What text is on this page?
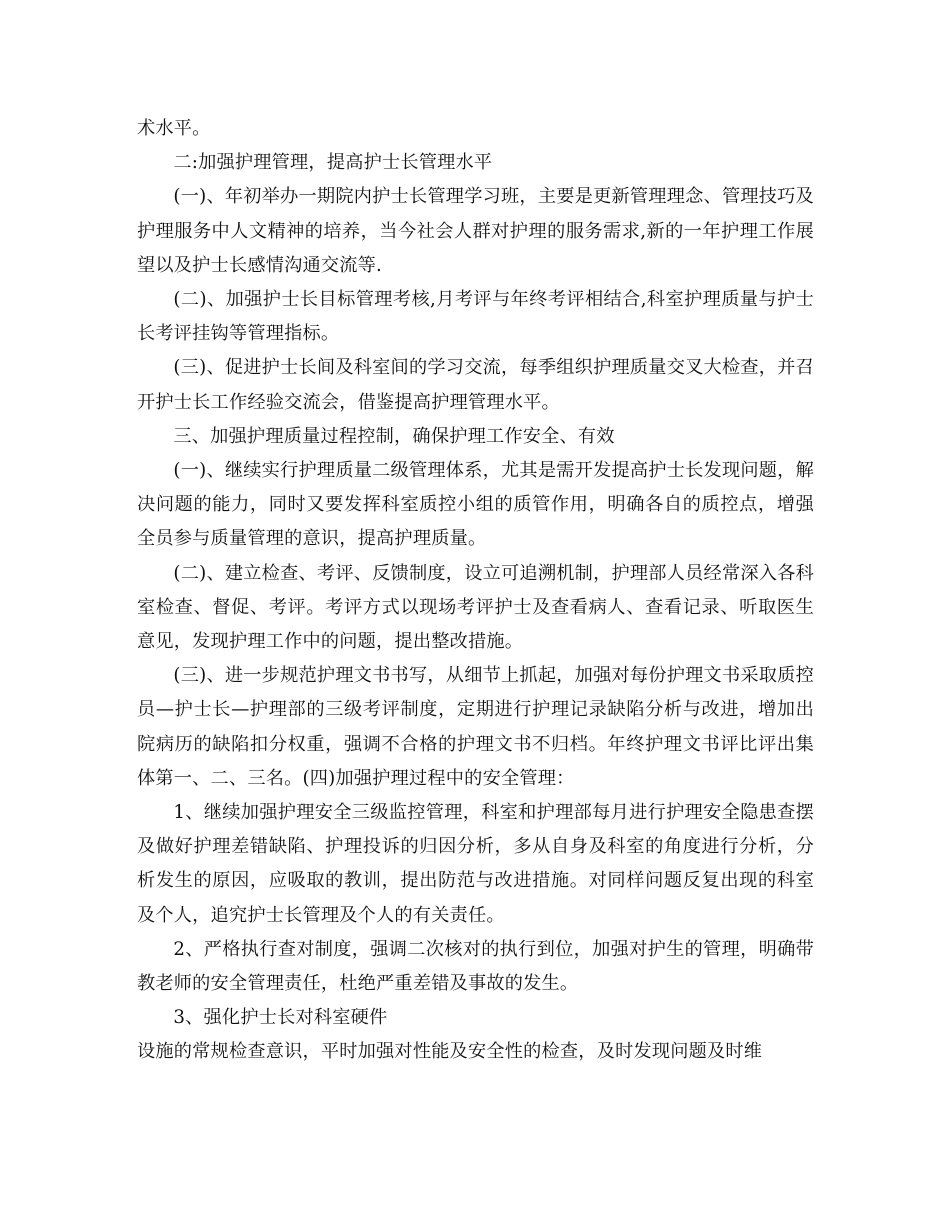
术水平。

二:加强护理管理，提高护士长管理水平

(一)、年初举办一期院内护士长管理学习班，主要是更新管理理念、管理技巧及护理服务中人文精神的培养，当今社会人群对护理的服务需求,新的一年护理工作展望以及护士长感情沟通交流等.

(二)、加强护士长目标管理考核,月考评与年终考评相结合,科室护理质量与护士长考评挂钩等管理指标。

(三)、促进护士长间及科室间的学习交流，每季组织护理质量交叉大检查，并召开护士长工作经验交流会，借鉴提高护理管理水平。

三、加强护理质量过程控制，确保护理工作安全、有效

(一)、继续实行护理质量二级管理体系，尤其是需开发提高护士长发现问题，解决问题的能力，同时又要发挥科室质控小组的质管作用，明确各自的质控点，增强全员参与质量管理的意识，提高护理质量。

(二)、建立检查、考评、反馈制度，设立可追溯机制，护理部人员经常深入各科室检查、督促、考评。考评方式以现场考评护士及查看病人、查看记录、听取医生意见，发现护理工作中的问题，提出整改措施。

(三)、进一步规范护理文书书写，从细节上抓起，加强对每份护理文书采取质控员—护士长—护理部的三级考评制度，定期进行护理记录缺陷分析与改进，增加出院病历的缺陷扣分权重，强调不合格的护理文书不归档。年终护理文书评比评出集体第一、二、三名。(四)加强护理过程中的安全管理：

1、继续加强护理安全三级监控管理，科室和护理部每月进行护理安全隐患查摆及做好护理差错缺陷、护理投诉的归因分析，多从自身及科室的角度进行分析，分析发生的原因，应吸取的教训，提出防范与改进措施。对同样问题反复出现的科室及个人，追究护士长管理及个人的有关责任。

2、严格执行查对制度，强调二次核对的执行到位，加强对护生的管理，明确带教老师的安全管理责任，杜绝严重差错及事故的发生。

3、强化护士长对科室硬件

设施的常规检查意识，平时加强对性能及安全性的检查，及时发现问题及时维
